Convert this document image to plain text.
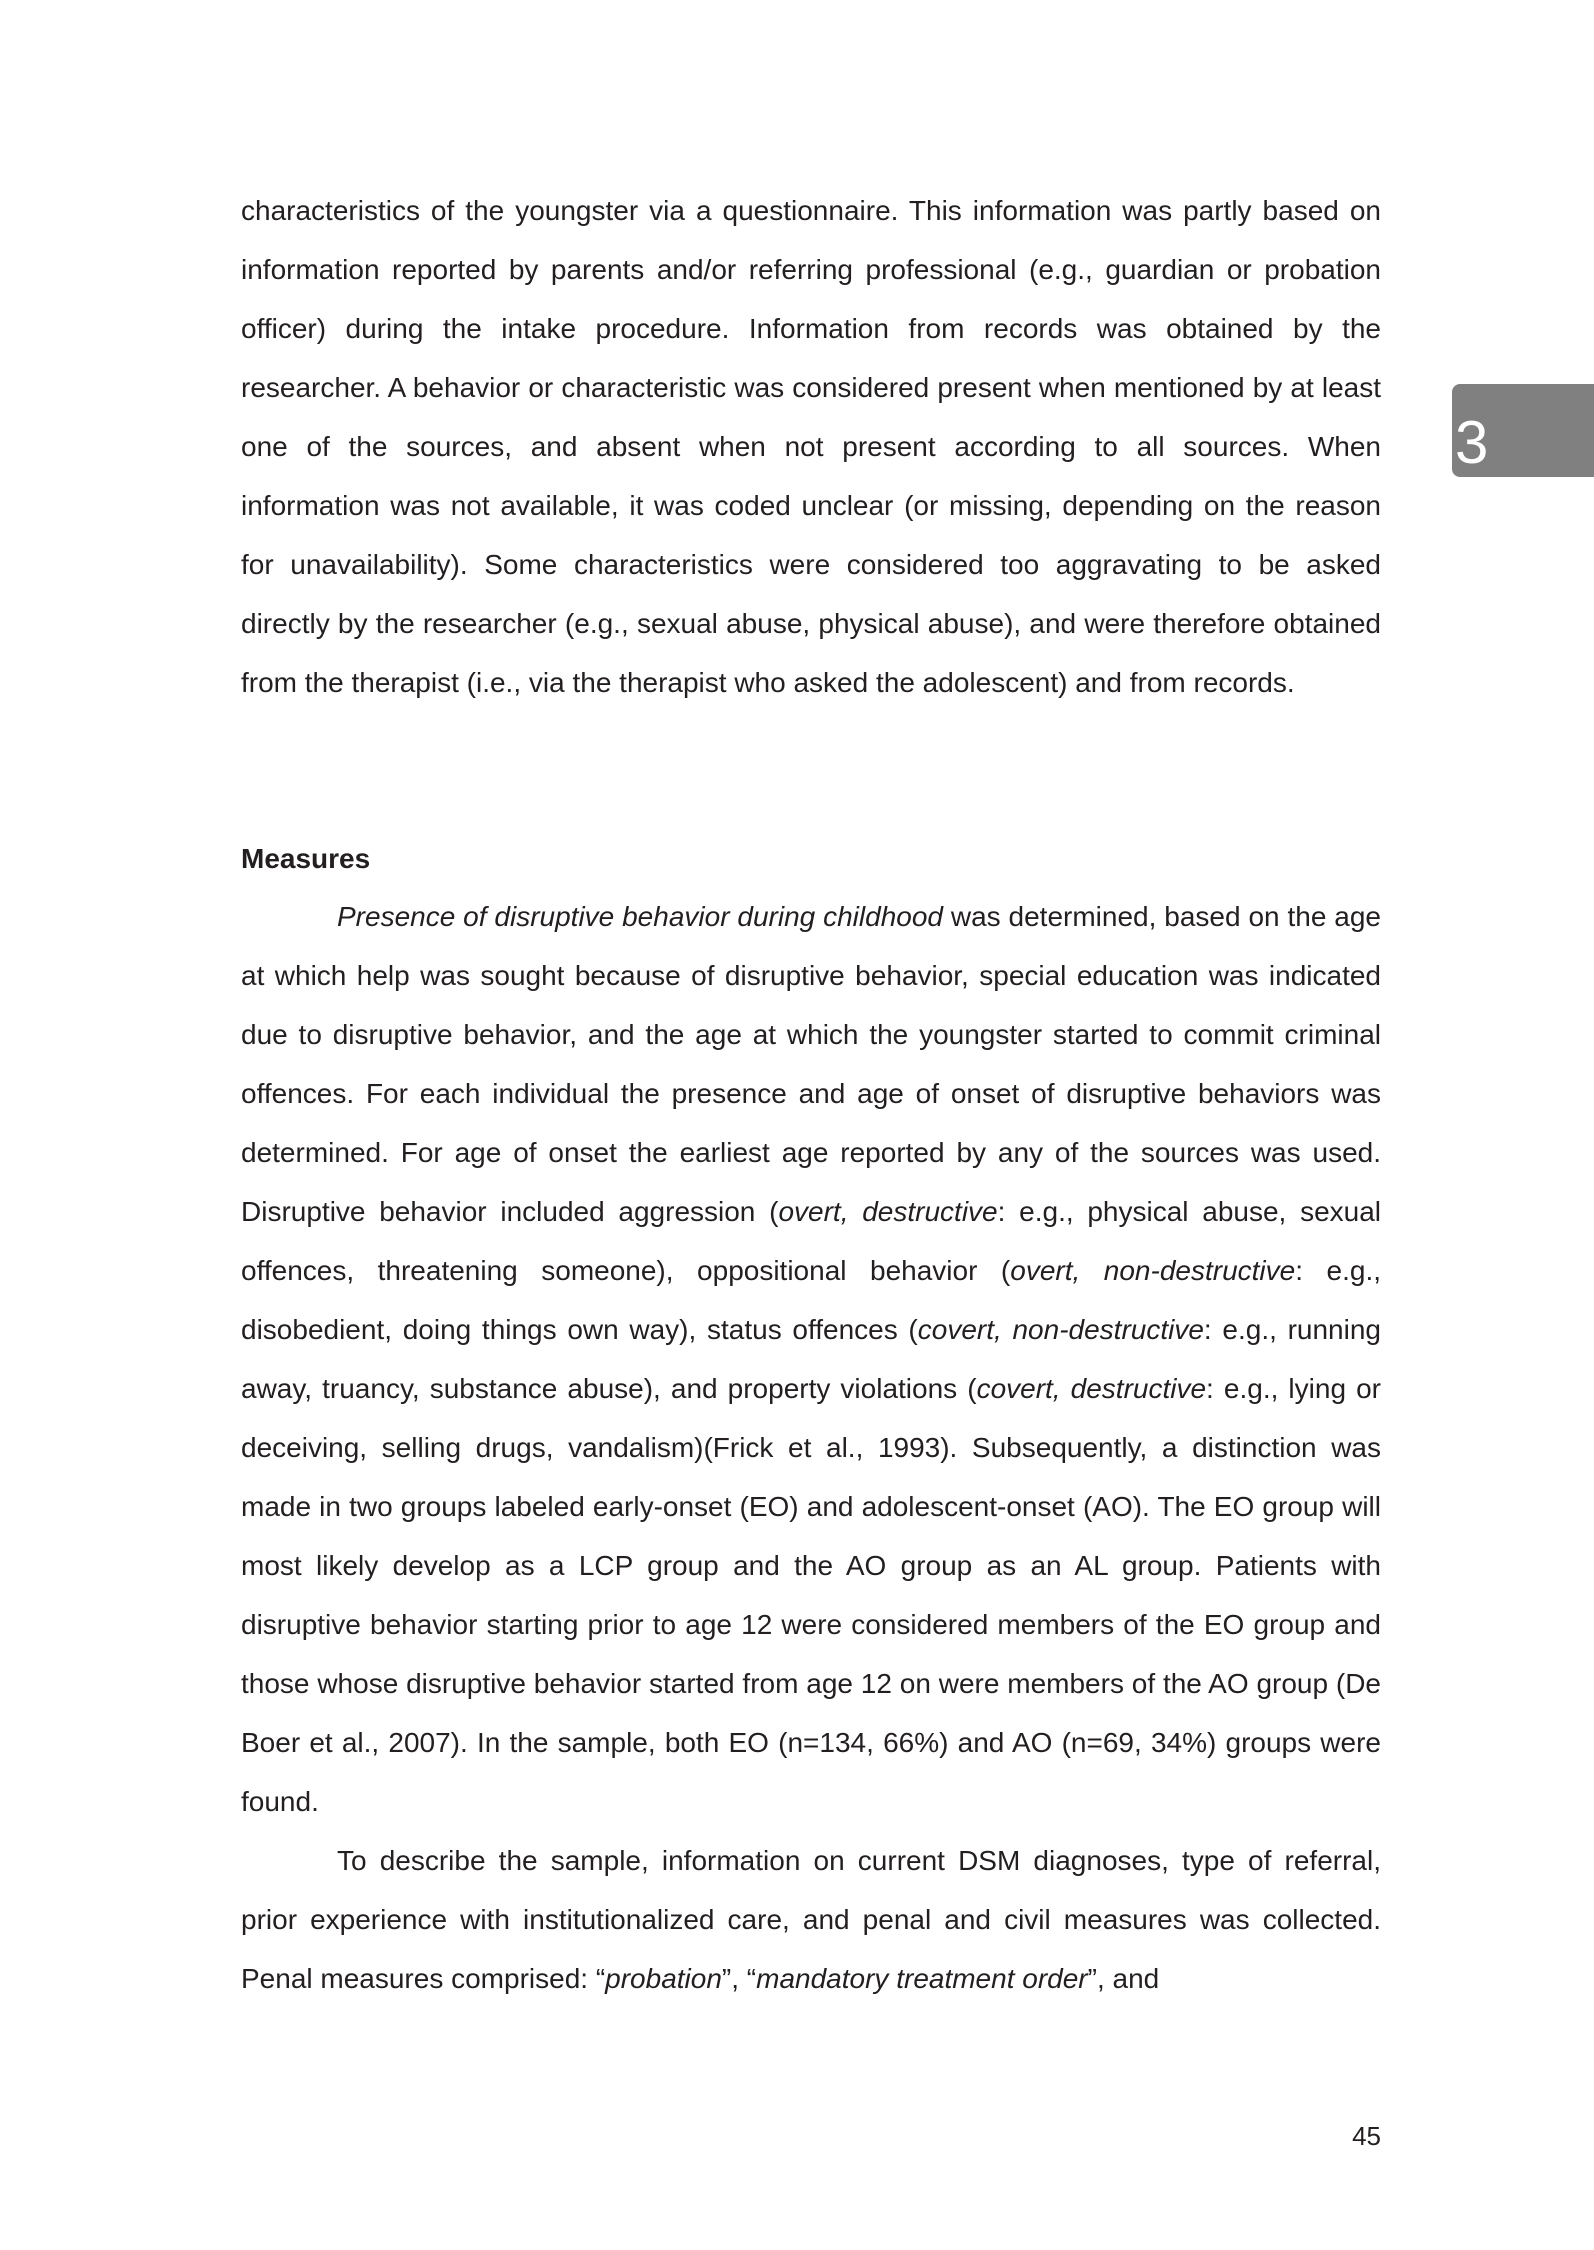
3

characteristics of the youngster via a questionnaire. This information was partly based on information reported by parents and/or referring professional (e.g., guardian or probation officer) during the intake procedure. Information from records was obtained by the researcher. A behavior or characteristic was considered present when mentioned by at least one of the sources, and absent when not present according to all sources. When information was not available, it was coded unclear (or missing, depending on the reason for unavailability). Some characteristics were considered too aggravating to be asked directly by the researcher (e.g., sexual abuse, physical abuse), and were therefore obtained from the therapist (i.e., via the therapist who asked the adolescent) and from records.

Measures

Presence of disruptive behavior during childhood was determined, based on the age at which help was sought because of disruptive behavior, special education was indicated due to disruptive behavior, and the age at which the youngster started to commit criminal offences. For each individual the presence and age of onset of disruptive behaviors was determined. For age of onset the earliest age reported by any of the sources was used. Disruptive behavior included aggression (overt, destructive: e.g., physical abuse, sexual offences, threatening someone), oppositional behavior (overt, non-destructive: e.g., disobedient, doing things own way), status offences (covert, non-destructive: e.g., running away, truancy, substance abuse), and property violations (covert, destructive: e.g., lying or deceiving, selling drugs, vandalism)(Frick et al., 1993). Subsequently, a distinction was made in two groups labeled early-onset (EO) and adolescent-onset (AO). The EO group will most likely develop as a LCP group and the AO group as an AL group. Patients with disruptive behavior starting prior to age 12 were considered members of the EO group and those whose disruptive behavior started from age 12 on were members of the AO group (De Boer et al., 2007). In the sample, both EO (n=134, 66%) and AO (n=69, 34%) groups were found.

To describe the sample, information on current DSM diagnoses, type of referral, prior experience with institutionalized care, and penal and civil measures was collected. Penal measures comprised: “probation”, “mandatory treatment order”, and

45
